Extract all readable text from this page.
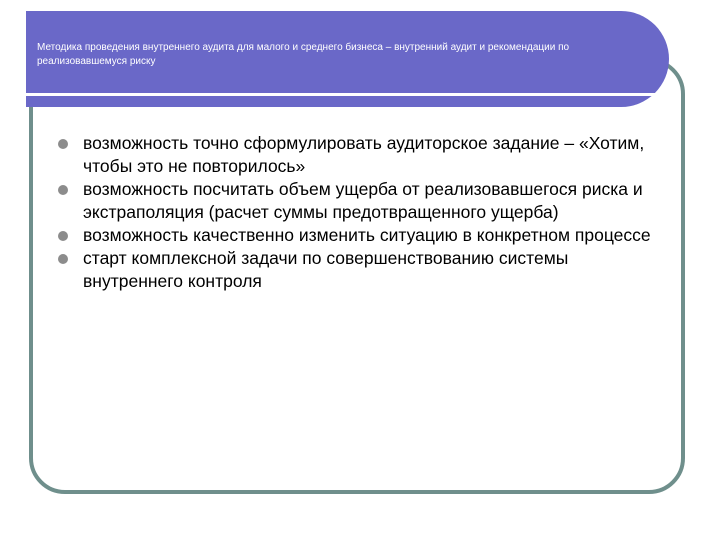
Методика проведения внутреннего аудита для малого и среднего бизнеса – внутренний аудит и рекомендации по реализовавшемуся риску
возможность точно сформулировать аудиторское задание – «Хотим, чтобы это не повторилось»
возможность посчитать объем ущерба от реализовавшегося риска и экстраполяция (расчет суммы предотвращенного ущерба)
возможность качественно изменить ситуацию в конкретном процессе
старт комплексной задачи по совершенствованию системы внутреннего контроля
